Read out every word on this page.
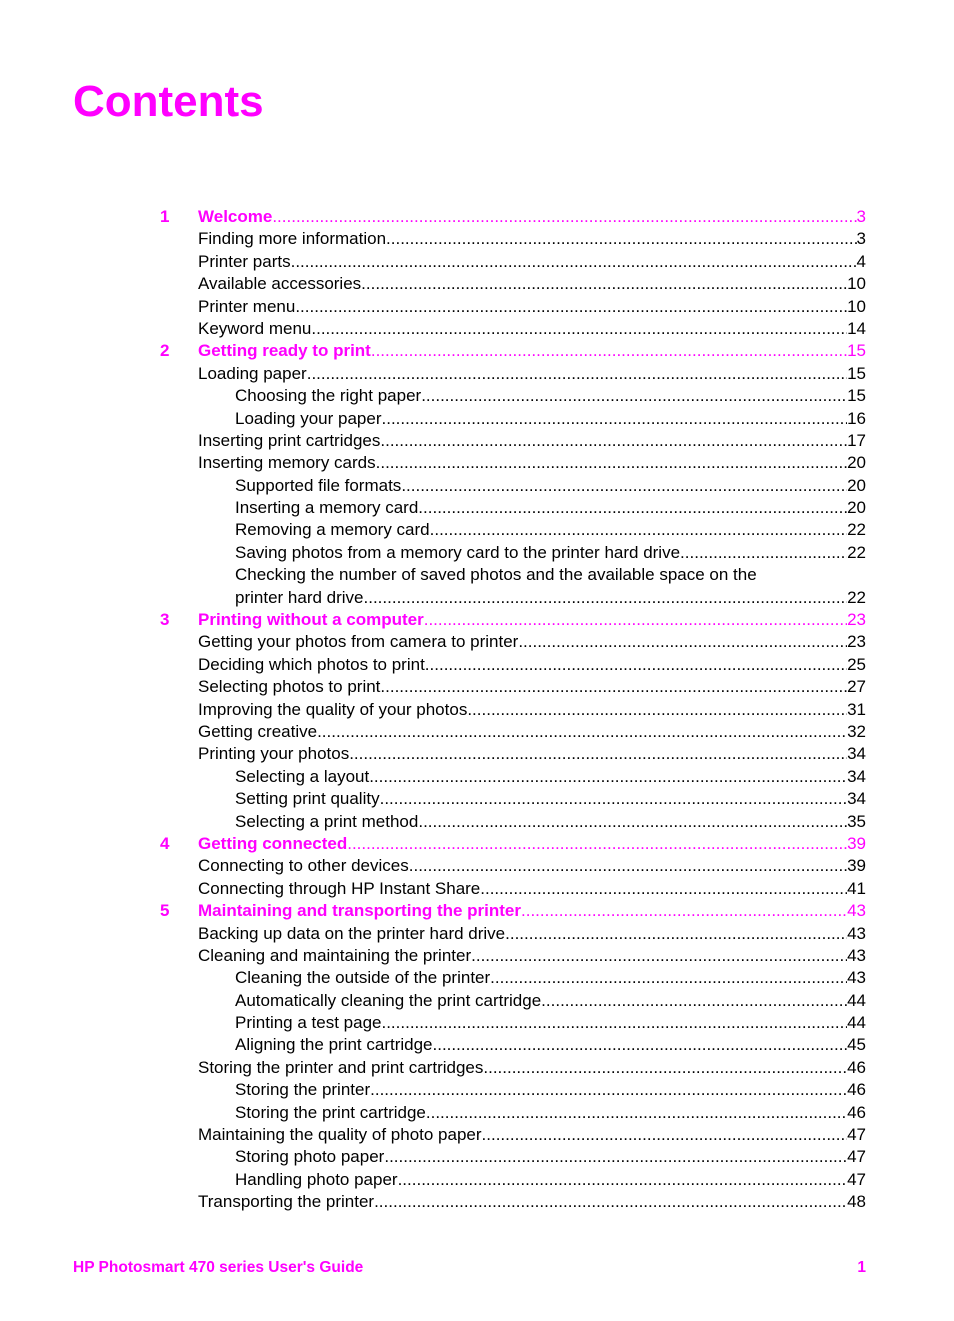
Contents
1 Welcome .....	3
Finding more information .....	3
Printer parts .....	4
Available accessories .....	10
Printer menu .....	10
Keyword menu .....	14
2 Getting ready to print .....	15
Loading paper .....	15
Choosing the right paper .....	15
Loading your paper .....	16
Inserting print cartridges .....	17
Inserting memory cards .....	20
Supported file formats .....	20
Inserting a memory card .....	20
Removing a memory card .....	22
Saving photos from a memory card to the printer hard drive .....	22
Checking the number of saved photos and the available space on the
printer hard drive .....	22
3 Printing without a computer .....	23
Getting your photos from camera to printer .....	23
Deciding which photos to print .....	25
Selecting photos to print .....	27
Improving the quality of your photos .....	31
Getting creative .....	32
Printing your photos .....	34
Selecting a layout .....	34
Setting print quality .....	34
Selecting a print method .....	35
4 Getting connected .....	39
Connecting to other devices .....	39
Connecting through HP Instant Share .....	41
5 Maintaining and transporting the printer .....	43
Backing up data on the printer hard drive .....	43
Cleaning and maintaining the printer .....	43
Cleaning the outside of the printer .....	43
Automatically cleaning the print cartridge .....	44
Printing a test page .....	44
Aligning the print cartridge .....	45
Storing the printer and print cartridges .....	46
Storing the printer .....	46
Storing the print cartridge .....	46
Maintaining the quality of photo paper .....	47
Storing photo paper .....	47
Handling photo paper .....	47
Transporting the printer .....	48
HP Photosmart 470 series User's Guide	1
